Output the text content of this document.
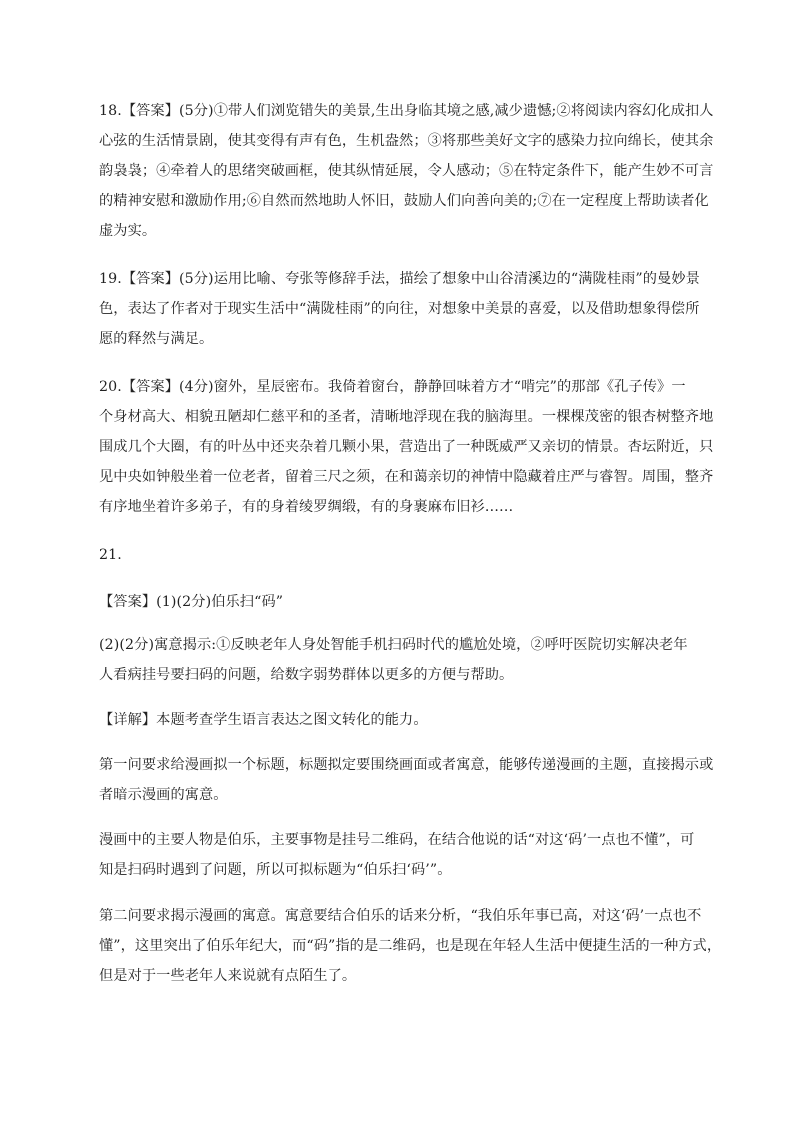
18.【答案】(5分)①带人们浏览错失的美景,生出身临其境之感,减少遗憾;②将阅读内容幻化成扣人
心弦的生活情景剧，使其变得有声有色，生机盎然；③将那些美好文字的感染力拉向绵长，使其余
韵袅袅；④牵着人的思绪突破画框，使其纵情延展，令人感动；⑤在特定条件下，能产生妙不可言
的精神安慰和激励作用;⑥自然而然地助人怀旧，鼓励人们向善向美的;⑦在一定程度上帮助读者化
虚为实。
19.【答案】(5分)运用比喻、夸张等修辞手法，描绘了想象中山谷清溪边的“满陇桂雨”的曼妙景
色，表达了作者对于现实生活中“满陇桂雨”的向往，对想象中美景的喜爱，以及借助想象得偿所
愿的释然与满足。
20.【答案】(4分)窗外，星辰密布。我倚着窗台，静静回味着方才“啃完”的那部《孔子传》一
个身材高大、相貌丑陋却仁慈平和的圣者，清晰地浮现在我的脑海里。一棵棵茂密的银杏树整齐地
围成几个大圈，有的叶丛中还夹杂着几颗小果，营造出了一种既威严又亲切的情景。杏坛附近，只
见中央如钟般坐着一位老者，留着三尺之须，在和蔼亲切的神情中隐藏着庄严与睿智。周围，整齐
有序地坐着许多弟子，有的身着绫罗绸缎，有的身裹麻布旧衫……
21.
【答案】(1)(2分)伯乐扫“码”
(2)(2分)寓意揭示:①反映老年人身处智能手机扫码时代的尴尬处境，②呼吁医院切实解决老年
人看病挂号要扫码的问题，给数字弱势群体以更多的方便与帮助。
【详解】本题考查学生语言表达之图文转化的能力。
第一问要求给漫画拟一个标题，标题拟定要围绕画面或者寓意，能够传递漫画的主题，直接揭示或
者暗示漫画的寓意。
漫画中的主要人物是伯乐，主要事物是挂号二维码，在结合他说的话“对这‘码’一点也不懂”，可
知是扫码时遇到了问题，所以可拟标题为“伯乐扫‘码’”。
第二问要求揭示漫画的寓意。寓意要结合伯乐的话来分析，“我伯乐年事已高，对这‘码’一点也不
懂”，这里突出了伯乐年纪大，而“码”指的是二维码，也是现在年轻人生活中便捷生活的一种方式，
但是对于一些老年人来说就有点陌生了。
